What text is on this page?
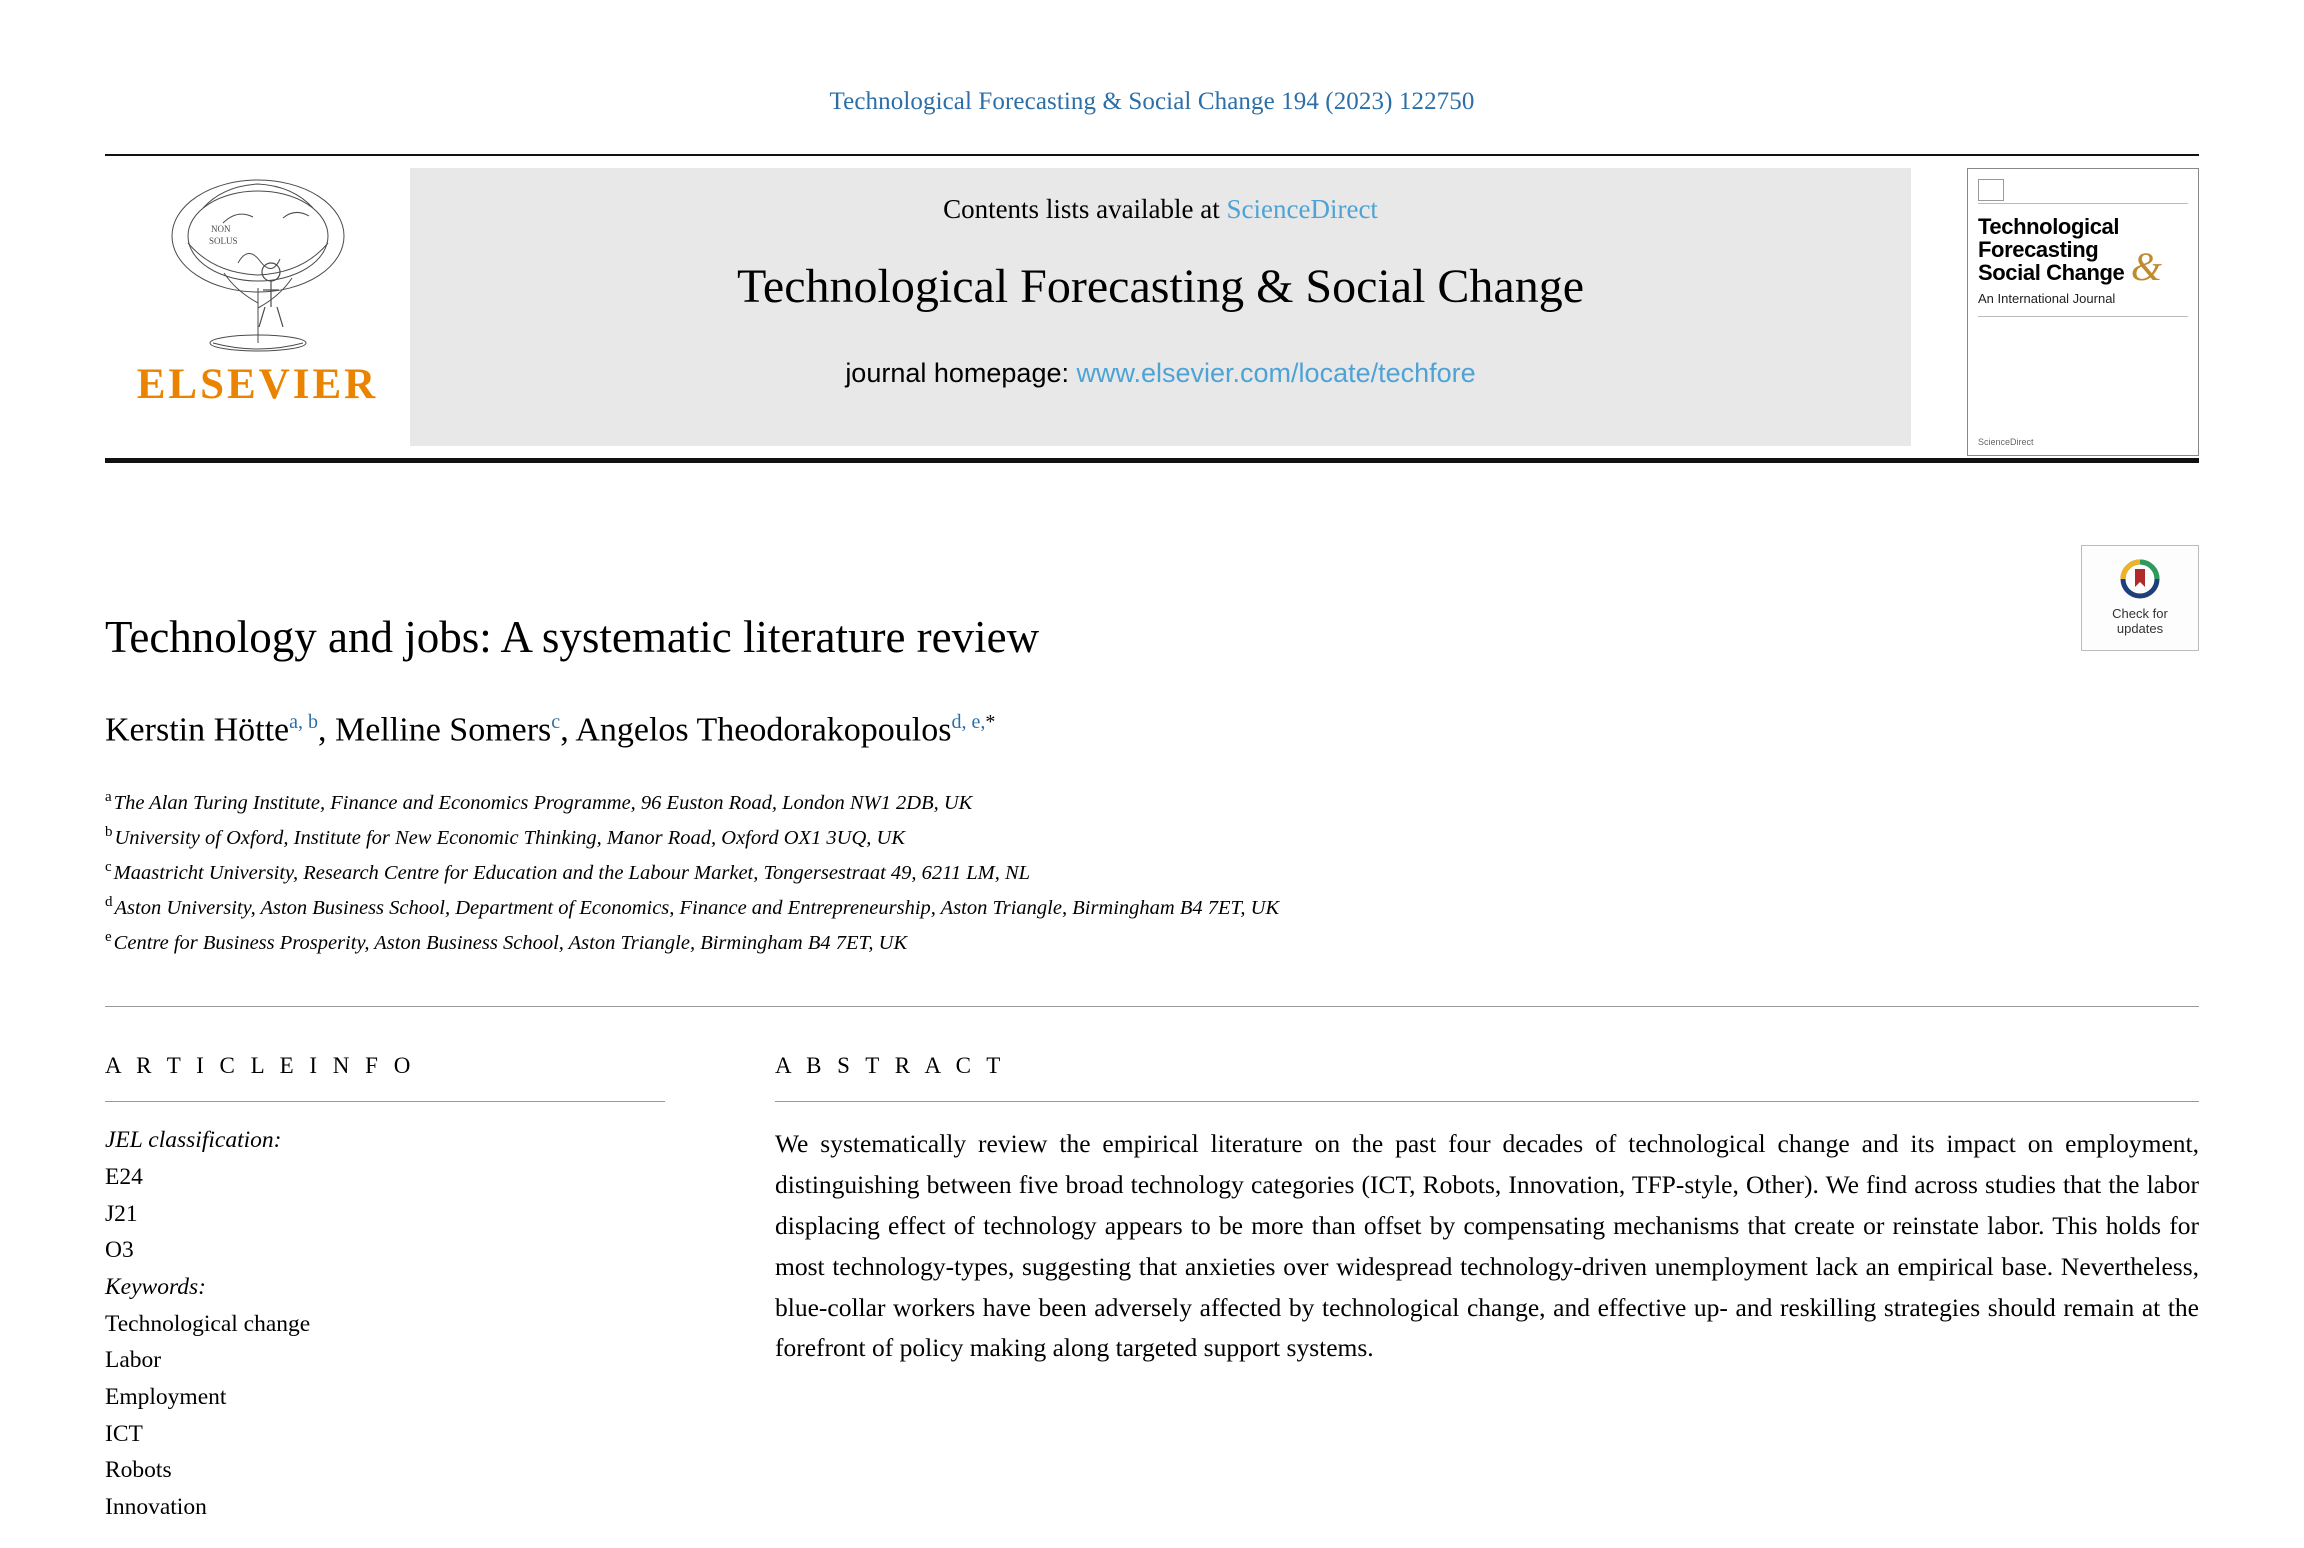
Technological Forecasting & Social Change 194 (2023) 122750
NON
SOLUS
ELSEVIER
Contents lists available at ScienceDirect
Technological Forecasting & Social Change
journal homepage: www.elsevier.com/locate/techfore
Technological
Forecasting
Social Change &
An International Journal
ScienceDirect
Check for
updates
Technology and jobs: A systematic literature review
Kerstin Hötte$^{a, b}$, Melline Somers$^c$, Angelos Theodorakopoulos$^{d, e,*}$
$^a$The Alan Turing Institute, Finance and Economics Programme, 96 Euston Road, London NW1 2DB, UK
$^b$University of Oxford, Institute for New Economic Thinking, Manor Road, Oxford OX1 3UQ, UK
$^c$Maastricht University, Research Centre for Education and the Labour Market, Tongersestraat 49, 6211 LM, NL
$^d$Aston University, Aston Business School, Department of Economics, Finance and Entrepreneurship, Aston Triangle, Birmingham B4 7ET, UK
$^e$Centre for Business Prosperity, Aston Business School, Aston Triangle, Birmingham B4 7ET, UK
A R T I C L E I N F O
JEL classification:
E24
J21
O3
Keywords:
Technological change
Labor
Employment
ICT
Robots
Innovation
A B S T R A C T
We systematically review the empirical literature on the past four decades of technological change and its impact on employment, distinguishing between five broad technology categories (ICT, Robots, Innovation, TFP-style, Other). We find across studies that the labor displacing effect of technology appears to be more than offset by compensating mechanisms that create or reinstate labor. This holds for most technology-types, suggesting that anxieties over widespread technology-driven unemployment lack an empirical base. Nevertheless, blue-collar workers have been adversely affected by technological change, and effective up- and reskilling strategies should remain at the forefront of policy making along targeted support systems.
